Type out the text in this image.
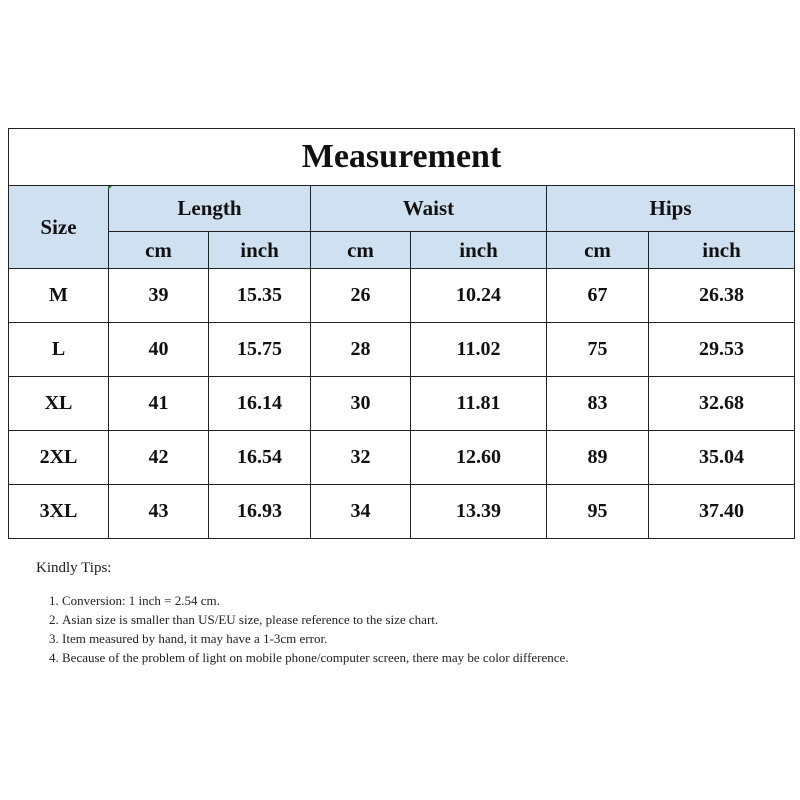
Measurement						
Size	Length		Waist		Hips	
	cm	inch	cm	inch	cm	inch
M	39	15.35	26	10.24	67	26.38
L	40	15.75	28	11.02	75	29.53
XL	41	16.14	30	11.81	83	32.68
2XL	42	16.54	32	12.60	89	35.04
3XL	43	16.93	34	13.39	95	37.40

Kindly Tips:

1. Conversion: 1 inch = 2.54 cm.
2. Asian size is smaller than US/EU size, please reference to the size chart.
3. Item measured by hand, it may have a 1-3cm error.
4. Because of the problem of light on mobile phone/computer screen, there may be color difference.
